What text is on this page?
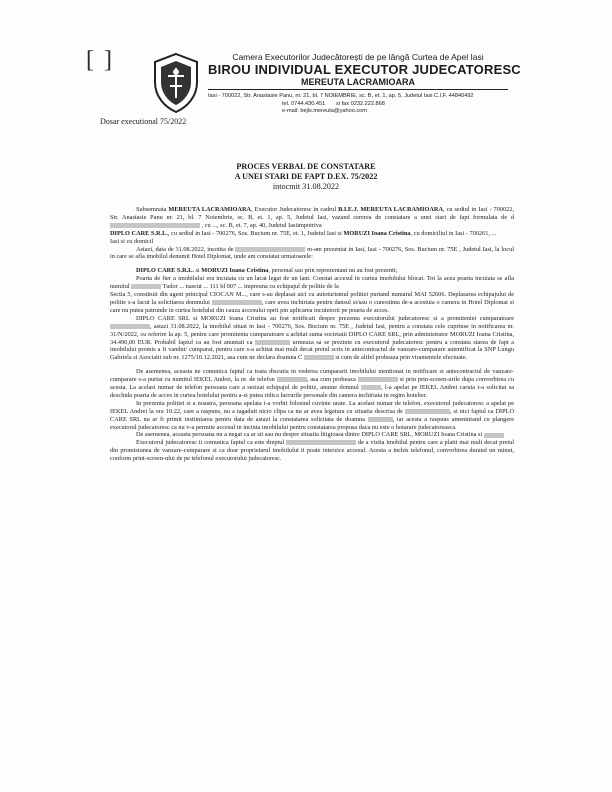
[ ]	Camera Executorilor Judecătorești de pe lângă Curtea de Apel Iasi
BIROU INDIVIDUAL EXECUTOR JUDECATORESC
MEREUTA LACRAMIOARA
Iasi - 700022, Str. Anastasie Panu, nr. 21, bl. 7 NOIEMBRIE, sc. B, et. 1, ap. 5, Judetul Iasi C.I.F. 44840492
tel. 0744.430.451 si fax 0232.222.868
e-mail: bejls.mereuta@yahoo.com
Dosar executional 75/2022
PROCES VERBAL DE CONSTATARE
A UNEI STARI DE FAPT D.EX. 75/2022
intocmit 31.08.2022

Subsemnata MEREUTA LACRAMIOARA, Executor Judecatoresc in cadrul B.I.E.J. MEREUTA LACRAMIOARA, cu sediul in Iasi - 700022, Str. Anastasie Panu nr. 21, bl. 7 Noiembrie, sc. B, et. 1, ap. 5, Judetul Iasi, vazand cererea de constatare a unei stari de fapt formulata de d  , cu ..., sc. B, et. 7, ap. 40, Judetul Iasiimpotriva

DIPLO CARE S.R.L., cu sediul in Iasi - 700276, Sos. Bucium nr. 75E, et. 1, Judetul Iasi si MORUZI Ioana Cristina, cu domiciliul in Iasi - 700261, ...
Iasi si cu domicil

Astazi, data de 31.08.2022, insotita de	m-am prezentat in Iasi, Iasi - 700276, Sos. Bucium nr. 75E , Judetul Iasi, la locul in care se afla imobilul denumit Hotel Diplomat, unde am constatat urmatoarele:

DIPLO CARE S.R.L. si MORUZI Ioana Cristina, personal sau prin reprezentant nu au fost prezenti;

Poarta de fier a imobilului era incuiata cu un lacat legat de un lant. Constat accesul in curtea imobilului blocat. Tot la acea poarta incuiata se afla numitul	Tudor ... nascut ... 111 bl 007 ... impreuna cu echipajul de politie de la

Sectia 5, constituit din agent principal CIOCAN M..., care s-au deplasat aici cu autoturismul politiei purtand numarul MAI 52606. Deplasarea echipajului de politie s-a facut la solicitarea domnului	, care avea inchiriata pentru dansul si/sau o cunostinta de-a acestuia o camera in Hotel Diplomat si care nu putea patrunde in curtea hotelului din cauza accesului oprit pin aplicarea incuietorii pe poarta de acces.

DIPLO CARE SRL si MORUZI Ioana Cristina au fost notificati despre prezenta executorului judecatoresc si a promitentei cumparatoare , astazi 31.08.2022, la imobilul situat in Iasi - 700276, Sos. Bucium nr. 75E , Judetul Iasi, pentru a constata cele cuprinse in notificarea nr. 31/N/2022, cu referire la ap. 5, pentru care promitenta cumparatoare a achitat suma societatii DIPLO CARE SRL, prin administrator MORUZI Ioana Cristina, 34.490,00 EUR. Probabil faptul ca au fost anuntati ca	urmeaza sa se prezinte cu executorul judecatoresc pentru a constata starea de fapt a imobilului promis a fi vandut/ cumparat, pentru care s-a achitat mai mult decat pretul scris in antecontractul de vanzare-cumparare autentificat la SNP Lungu Gabriela si Asociatii sub nr. 1275/10.12.2021, asa cum ne declara doamna C	si cum de altfel probeaza prin viramentele efectuate.

De asemenea, aceasta ne comunica faptul ca toata discutia in vederea cumpararii imobilului mentionat in notificare si antecontractul de vanzare-cumparare s-a purtat cu numitul IEKEL Andrei, la nr. de telefon	, asa cum probeaza	si prin prin-screen-urile dupa convorbirea cu acesta. La acelasi numar de telefon persoana care a sesizat echipajul de politie, anume domnul	, l-a apelat pe IEKEL Andrei caruia i-a solicitat sa deschida poarta de acces in curtea hotelului pentru a-si putea ridica lucrurile personale din camera inchiriata in regim hotelier.

In prezenta politiei si a noastra, persoana apelata i-a vorbit folosind cuvinte urate. La acelasi numar de telefon, executorul judecatoresc a apelat pe IEKEL Andrei la ora 10:22, care a raspuns, nu a tagaduit nicio clipa ca nu ar avea legatura cu situatia descrisa de	, si nici faptul ca DIPLO CARE SRL nu ar fi primit instiintarea pentru data de astazi la constatarea solicitata de doamna	, iar acesta a raspuns amenintand cu plangere executorul judecatoresc ca nu v-a permite accesul in incinta imobilului pentru constatarea propusa daca nu este o hotarare judecatoreasca.

De asemenea, aceasta persoana nu a negat ca ar sti sau nu despre situatia litigioasa dintre DIPLO CARE SRL, MORUZI Ioana Cristina si

Executorul judecatoresc ii comunica faptul ca este dreptul	de a vizita imobilul pentru care a platit mai mult decat pretul din promisiunea de vanzare-cumparare si ca doar proprietarul imobilului ii poate interzice accesul. Acesta a inchis telefonul, convorbirea durand un minut, conform print-screen-ului de pe telefonul executorului judecatoresc.
